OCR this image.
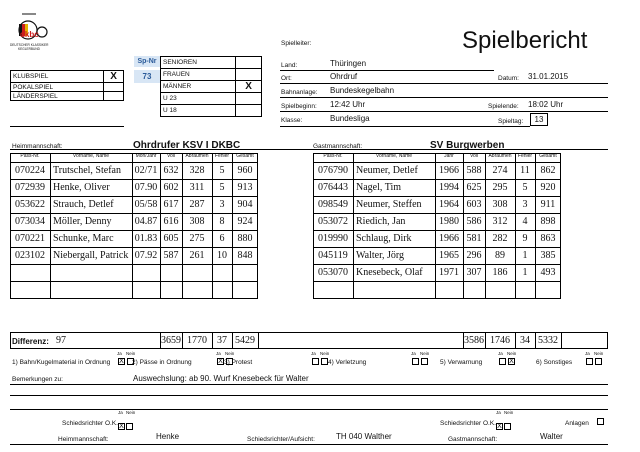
dkbc
DEUTSCHER KLASSIKER
KEGLERBUND
Spielleiter:	Spielbericht
KLUBSPIEL	X
POKALSPIEL	
LÄNDERSPIEL	
Sp-Nr
73
SENIOREN	
FRAUEN	
MÄNNER	X
U 23	
U 18	
Land:	Thüringen
Ort:	Ohrdruf	Datum: 31.01.2015
Bahnanlage: Bundeskegelbahn
Spielbeginn: 12:42 Uhr	Spielende: 18:02 Uhr
Klasse:	Bundesliga	Spieltag:	13
Heimmannschaft:	Ohrdrufer KSV I DKBC	Gastmannschaft:	SV Burgwerben
Pass-Nr.	Vorname, Name	Mon/Jahr	Voll	Abräumen	Fehler	Gesamt
070224 Trutschel, Stefan	02/71 632	328	5	960
072939 Henke, Oliver	07.90 602	311	5	913
053622 Strauch, Detlef	05/58 617	287	3	904
073034 Möller, Denny	04.87 616	308	8	924
070221 Schunke, Marc	01.83 605	275	6	880
023102 Niebergall, Patrick 07.92 587	261	10	848
Pass-Nr.	Vorname, Name	Jahr	Voll	Abräumen	Fehler	Gesamt
076790 Neumer, Detlef	1966 588	274	11	862
076443 Nagel, Tim	1994 625	295	5	920
098549 Neumer, Steffen	1964 603	308	3	911
053072 Riedich, Jan	1980 586	312	4	898
019990 Schlaug, Dirk	1966 581	282	9	863
045119 Walter, Jörg	1965 296	89	1	385
053070 Knesebeck, Olaf	1971 307	186	1	493
Differenz: 97	3659 1770	37 5429	3586 1746	34 5332
1) Bahn/Kugelmaterial in Ordnung
Ja
X
Nein
2) Pässe in Ordnung
Ja
X
Nein
3) Protest
Ja Nein
4) Verletzung
Ja Nein
5) Verwarnung
Ja Nein
X	6) Sonstiges
Ja Nein
Bemerkungen zu:	Auswechslung: ab 90. Wurf Knesebeck für Walter
Schiedsrichter O.K.
Ja Nein
X	Schiedsrichter O.K.
Ja Nein
X	Anlagen
Heimmannschaft:	Henke	Schiedsrichter/Aufsicht:	TH 040 Walther	Gastmannschaft:	Walter
